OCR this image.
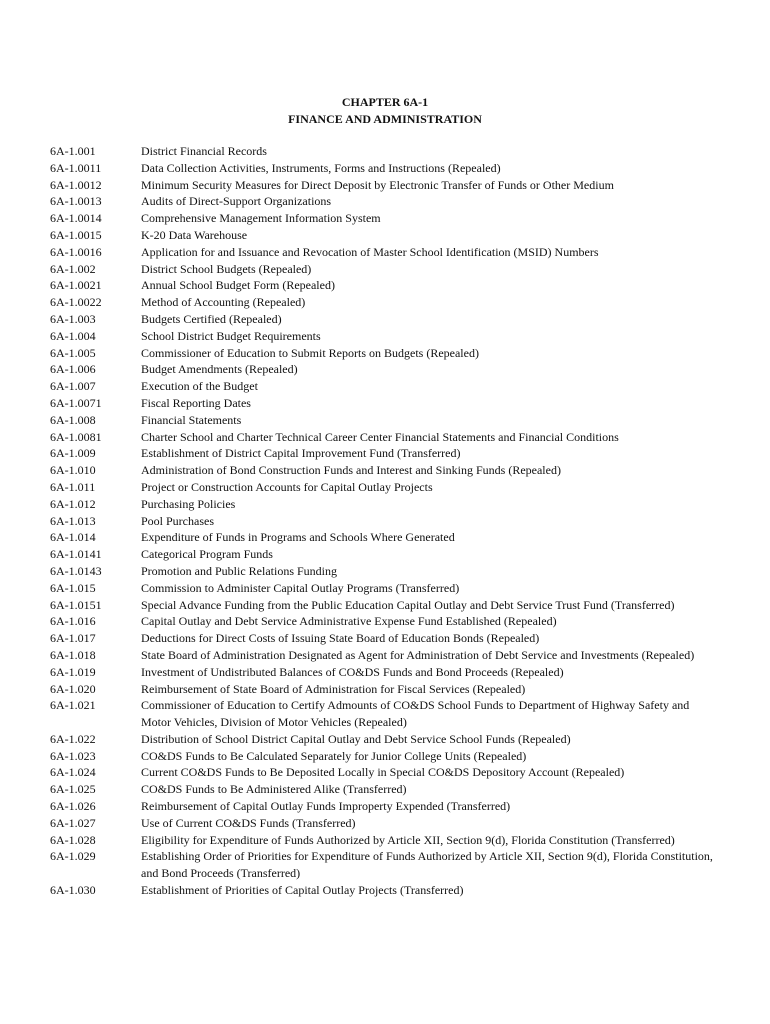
CHAPTER 6A-1
FINANCE AND ADMINISTRATION
6A-1.001	District Financial Records
6A-1.0011	Data Collection Activities, Instruments, Forms and Instructions (Repealed)
6A-1.0012	Minimum Security Measures for Direct Deposit by Electronic Transfer of Funds or Other Medium
6A-1.0013	Audits of Direct-Support Organizations
6A-1.0014	Comprehensive Management Information System
6A-1.0015	K-20 Data Warehouse
6A-1.0016	Application for and Issuance and Revocation of Master School Identification (MSID) Numbers
6A-1.002	District School Budgets (Repealed)
6A-1.0021	Annual School Budget Form (Repealed)
6A-1.0022	Method of Accounting (Repealed)
6A-1.003	Budgets Certified (Repealed)
6A-1.004	School District Budget Requirements
6A-1.005	Commissioner of Education to Submit Reports on Budgets (Repealed)
6A-1.006	Budget Amendments (Repealed)
6A-1.007	Execution of the Budget
6A-1.0071	Fiscal Reporting Dates
6A-1.008	Financial Statements
6A-1.0081	Charter School and Charter Technical Career Center Financial Statements and Financial Conditions
6A-1.009	Establishment of District Capital Improvement Fund (Transferred)
6A-1.010	Administration of Bond Construction Funds and Interest and Sinking Funds (Repealed)
6A-1.011	Project or Construction Accounts for Capital Outlay Projects
6A-1.012	Purchasing Policies
6A-1.013	Pool Purchases
6A-1.014	Expenditure of Funds in Programs and Schools Where Generated
6A-1.0141	Categorical Program Funds
6A-1.0143	Promotion and Public Relations Funding
6A-1.015	Commission to Administer Capital Outlay Programs (Transferred)
6A-1.0151	Special Advance Funding from the Public Education Capital Outlay and Debt Service Trust Fund (Transferred)
6A-1.016	Capital Outlay and Debt Service Administrative Expense Fund Established (Repealed)
6A-1.017	Deductions for Direct Costs of Issuing State Board of Education Bonds (Repealed)
6A-1.018	State Board of Administration Designated as Agent for Administration of Debt Service and Investments (Repealed)
6A-1.019	Investment of Undistributed Balances of CO&DS Funds and Bond Proceeds (Repealed)
6A-1.020	Reimbursement of State Board of Administration for Fiscal Services (Repealed)
6A-1.021	Commissioner of Education to Certify Admounts of CO&DS School Funds to Department of Highway Safety and Motor Vehicles, Division of Motor Vehicles (Repealed)
6A-1.022	Distribution of School District Capital Outlay and Debt Service School Funds (Repealed)
6A-1.023	CO&DS Funds to Be Calculated Separately for Junior College Units (Repealed)
6A-1.024	Current CO&DS Funds to Be Deposited Locally in Special CO&DS Depository Account (Repealed)
6A-1.025	CO&DS Funds to Be Administered Alike (Transferred)
6A-1.026	Reimbursement of Capital Outlay Funds Improperty Expended (Transferred)
6A-1.027	Use of Current CO&DS Funds (Transferred)
6A-1.028	Eligibility for Expenditure of Funds Authorized by Article XII, Section 9(d), Florida Constitution (Transferred)
6A-1.029	Establishing Order of Priorities for Expenditure of Funds Authorized by Article XII, Section 9(d), Florida Constitution, and Bond Proceeds (Transferred)
6A-1.030	Establishment of Priorities of Capital Outlay Projects (Transferred)
